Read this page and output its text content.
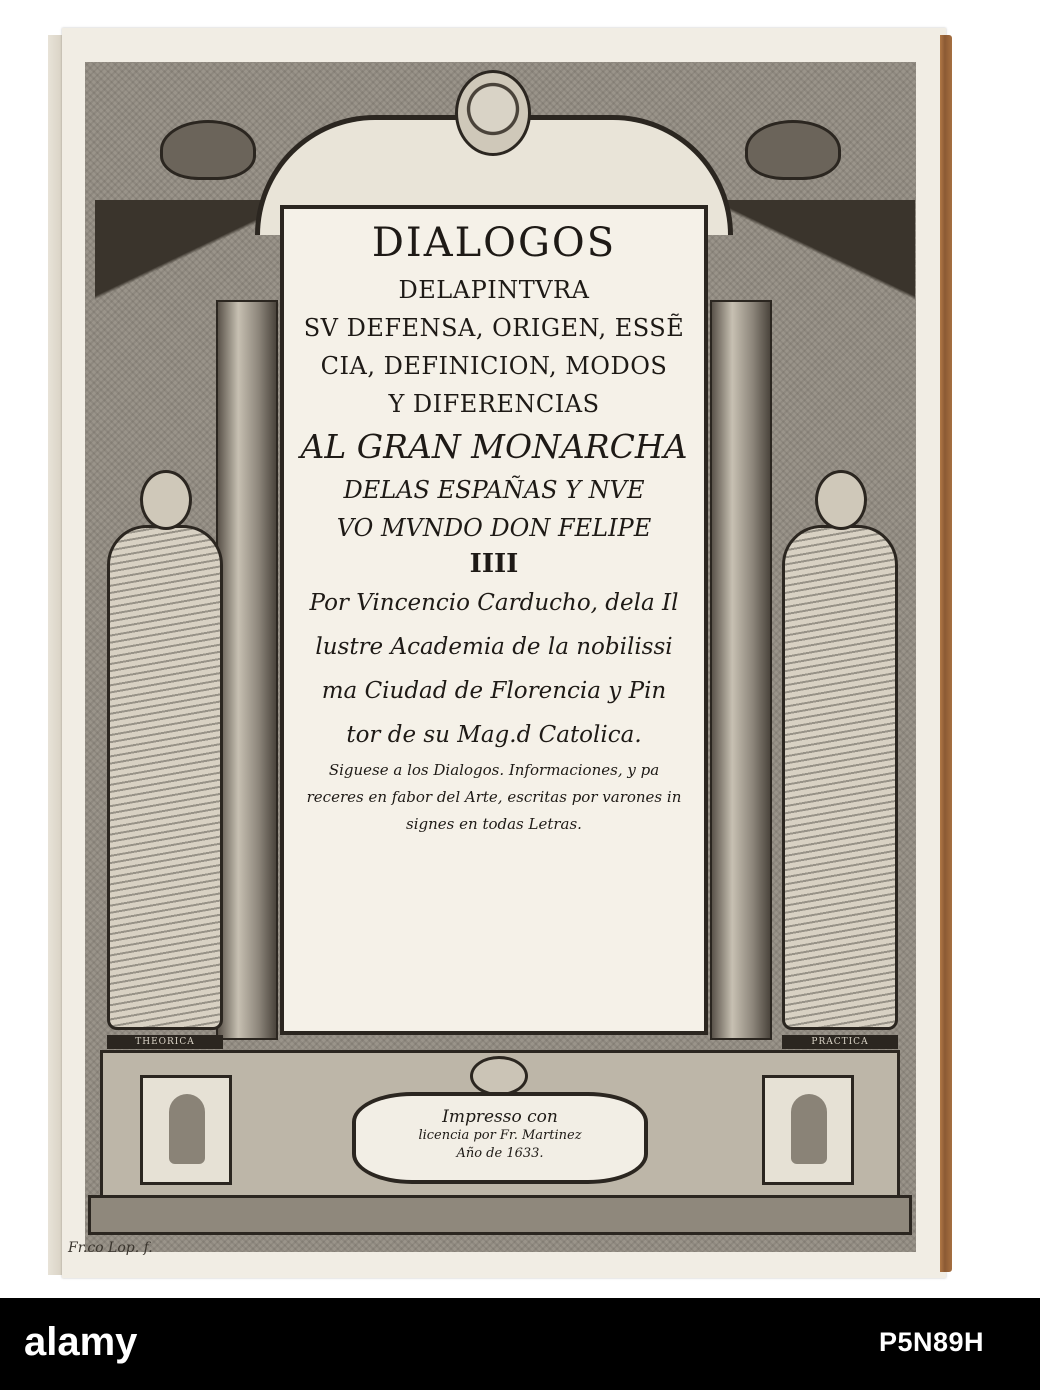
DIALOGOS
DELAPINTVRA
SV DEFENSA, ORIGEN, ESSẼ
CIA, DEFINICION, MODOS
Y DIFERENCIAS
AL GRAN MONARCHA
DELAS ESPAÑAS Y NVE
VO MVNDO DON FELIPE
IIII
Por Vincencio Carducho, dela Il
lustre Academia de la nobilissi
ma Ciudad de Florencia y Pin
tor de su Mag.d Catolica.
Siguese a los Dialogos. Informaciones, y pa
receres en fabor del Arte, escritas por varones in
signes en todas Letras.
THEORICA	PRACTICA
Impresso con
licencia por Fr. Martinez
Año de 1633.
Fr.co Lop. f.
alamy	P5N89H
